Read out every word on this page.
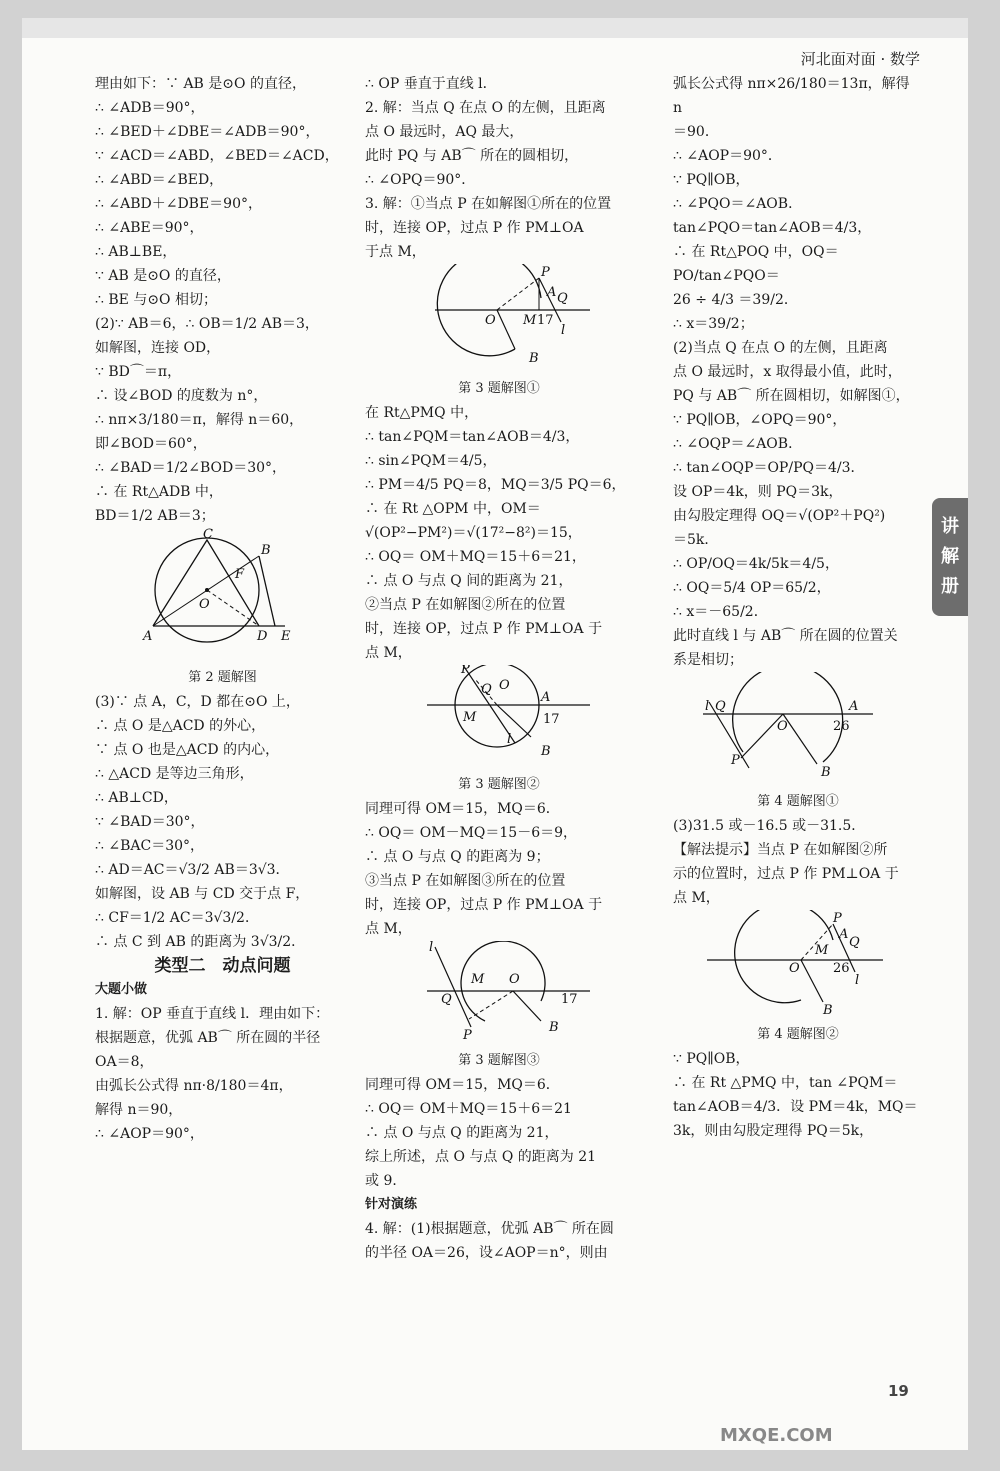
河北面对面 · 数学

理由如下：∵ AB 是⊙O 的直径，

∴ ∠ADB＝90°，

∴ ∠BED＋∠DBE＝∠ADB＝90°，

∵ ∠ACD＝∠ABD，∠BED＝∠ACD，

∴ ∠ABD＝∠BED，

∴ ∠ABD＋∠DBE＝90°，

∴ ∠ABE＝90°，

∴ AB⊥BE，

∵ AB 是⊙O 的直径，

∴ BE 与⊙O 相切；

(2)∵ AB＝6，∴ OB＝1/2 AB＝3，

如解图，连接 OD，

∵ BD⌒＝π，

∴ 设∠BOD 的度数为 n°，

∴ nπ×3/180＝π，解得 n＝60，

即∠BOD＝60°，

∴ ∠BAD＝1/2∠BOD＝30°，

∴ 在 Rt△ADB 中，

BD＝1/2 AB＝3；

C
B
F
O
A	D E

第 2 题解图

(3)∵ 点 A，C，D 都在⊙O 上，

∴ 点 O 是△ACD 的外心，

∵ 点 O 也是△ACD 的内心，

∴ △ACD 是等边三角形，

∴ AB⊥CD，

∵ ∠BAD＝30°，

∴ ∠BAC＝30°，

∴ AD＝AC＝√3/2 AB＝3√3．

如解图，设 AB 与 CD 交于点 F，

∴ CF＝1/2 AC＝3√3/2．

∴ 点 C 到 AB 的距离为 3√3/2．

类型二　动点问题

大题小做

1. 解：OP 垂直于直线 l．理由如下：

根据题意，优弧 AB⌒ 所在圆的半径

OA＝8，

由弧长公式得 nπ·8/180＝4π，

解得 n＝90，

∴ ∠AOP＝90°，

∴ OP 垂直于直线 l．

2. 解：当点 Q 在点 O 的左侧，且距离

点 O 最远时，AQ 最大，

此时 PQ 与 AB⌒ 所在的圆相切，

∴ ∠OPQ＝90°．

3. 解：①当点 P 在如解图①所在的位置

时，连接 OP，过点 P 作 PM⊥OA

于点 M，

P
A Q
O M 17
l
B

第 3 题解图①

在 Rt△PMQ 中，

∴ tan∠PQM＝tan∠AOB＝4/3，

∴ sin∠PQM＝4/5，

∴ PM＝4/5 PQ＝8，MQ＝3/5 PQ＝6，

∴ 在 Rt △OPM 中，OM＝

√(OP²−PM²)＝√(17²−8²)＝15，

∴ OQ＝ OM＋MQ＝15＋6＝21，

∴ 点 O 与点 Q 间的距离为 21，

②当点 P 在如解图②所在的位置

时，连接 OP，过点 P 作 PM⊥OA 于

点 M，

P
Q O
M
A
17
l
B

第 3 题解图②

同理可得 OM＝15，MQ＝6．

∴ OQ＝ OM－MQ＝15－6＝9，

∴ 点 O 与点 Q 的距离为 9；

③当点 P 在如解图③所在的位置

时，连接 OP，过点 P 作 PM⊥OA 于

点 M，

l
M O
Q
P
B
17

第 3 题解图③

同理可得 OM＝15，MQ＝6．

∴ OQ＝ OM＋MQ＝15＋6＝21

∴ 点 O 与点 Q 的距离为 21，

综上所述，点 O 与点 Q 的距离为 21

或 9．

针对演练

4. 解：(1)根据题意，优弧 AB⌒ 所在圆

的半径 OA＝26，设∠AOP＝n°，则由

弧长公式得 nπ×26/180＝13π，解得 n

＝90．

∴ ∠AOP＝90°．

∵ PQ∥OB，

∴ ∠PQO＝∠AOB．

tan∠PQO＝tan∠AOB＝4/3，

∴ 在 Rt△POQ 中，OQ＝PO/tan∠PQO＝

26 ÷ 4/3 ＝39/2．

∴ x＝39/2；

(2)当点 Q 在点 O 的左侧，且距离

点 O 最远时，x 取得最小值，此时，

PQ 与 AB⌒ 所在圆相切，如解图①，

∵ PQ∥OB，∠OPQ＝90°，

∴ ∠OQP＝∠AOB．

∴ tan∠OQP＝OP/PQ＝4/3．

设 OP＝4k，则 PQ＝3k，

由勾股定理得 OQ＝√(OP²＋PQ²)

＝5k．

∴ OP/OQ＝4k/5k＝4/5，

∴ OQ＝5/4 OP＝65/2，

∴ x＝－65/2．

此时直线 l 与 AB⌒ 所在圆的位置关

系是相切；

l Q	A
O	26
P
B

第 4 题解图①

(3)31.5 或－16.5 或－31.5．

【解法提示】当点 P 在如解图②所

示的位置时，过点 P 作 PM⊥OA 于

点 M，

P
A
Q
O
M
26
l
B

第 4 题解图②

∵ PQ∥OB，

∴ 在 Rt △PMQ 中，tan ∠PQM＝

tan∠AOB＝4/3．设 PM＝4k，MQ＝

3k，则由勾股定理得 PQ＝5k，

讲
解
册
19
MXQE.COM
